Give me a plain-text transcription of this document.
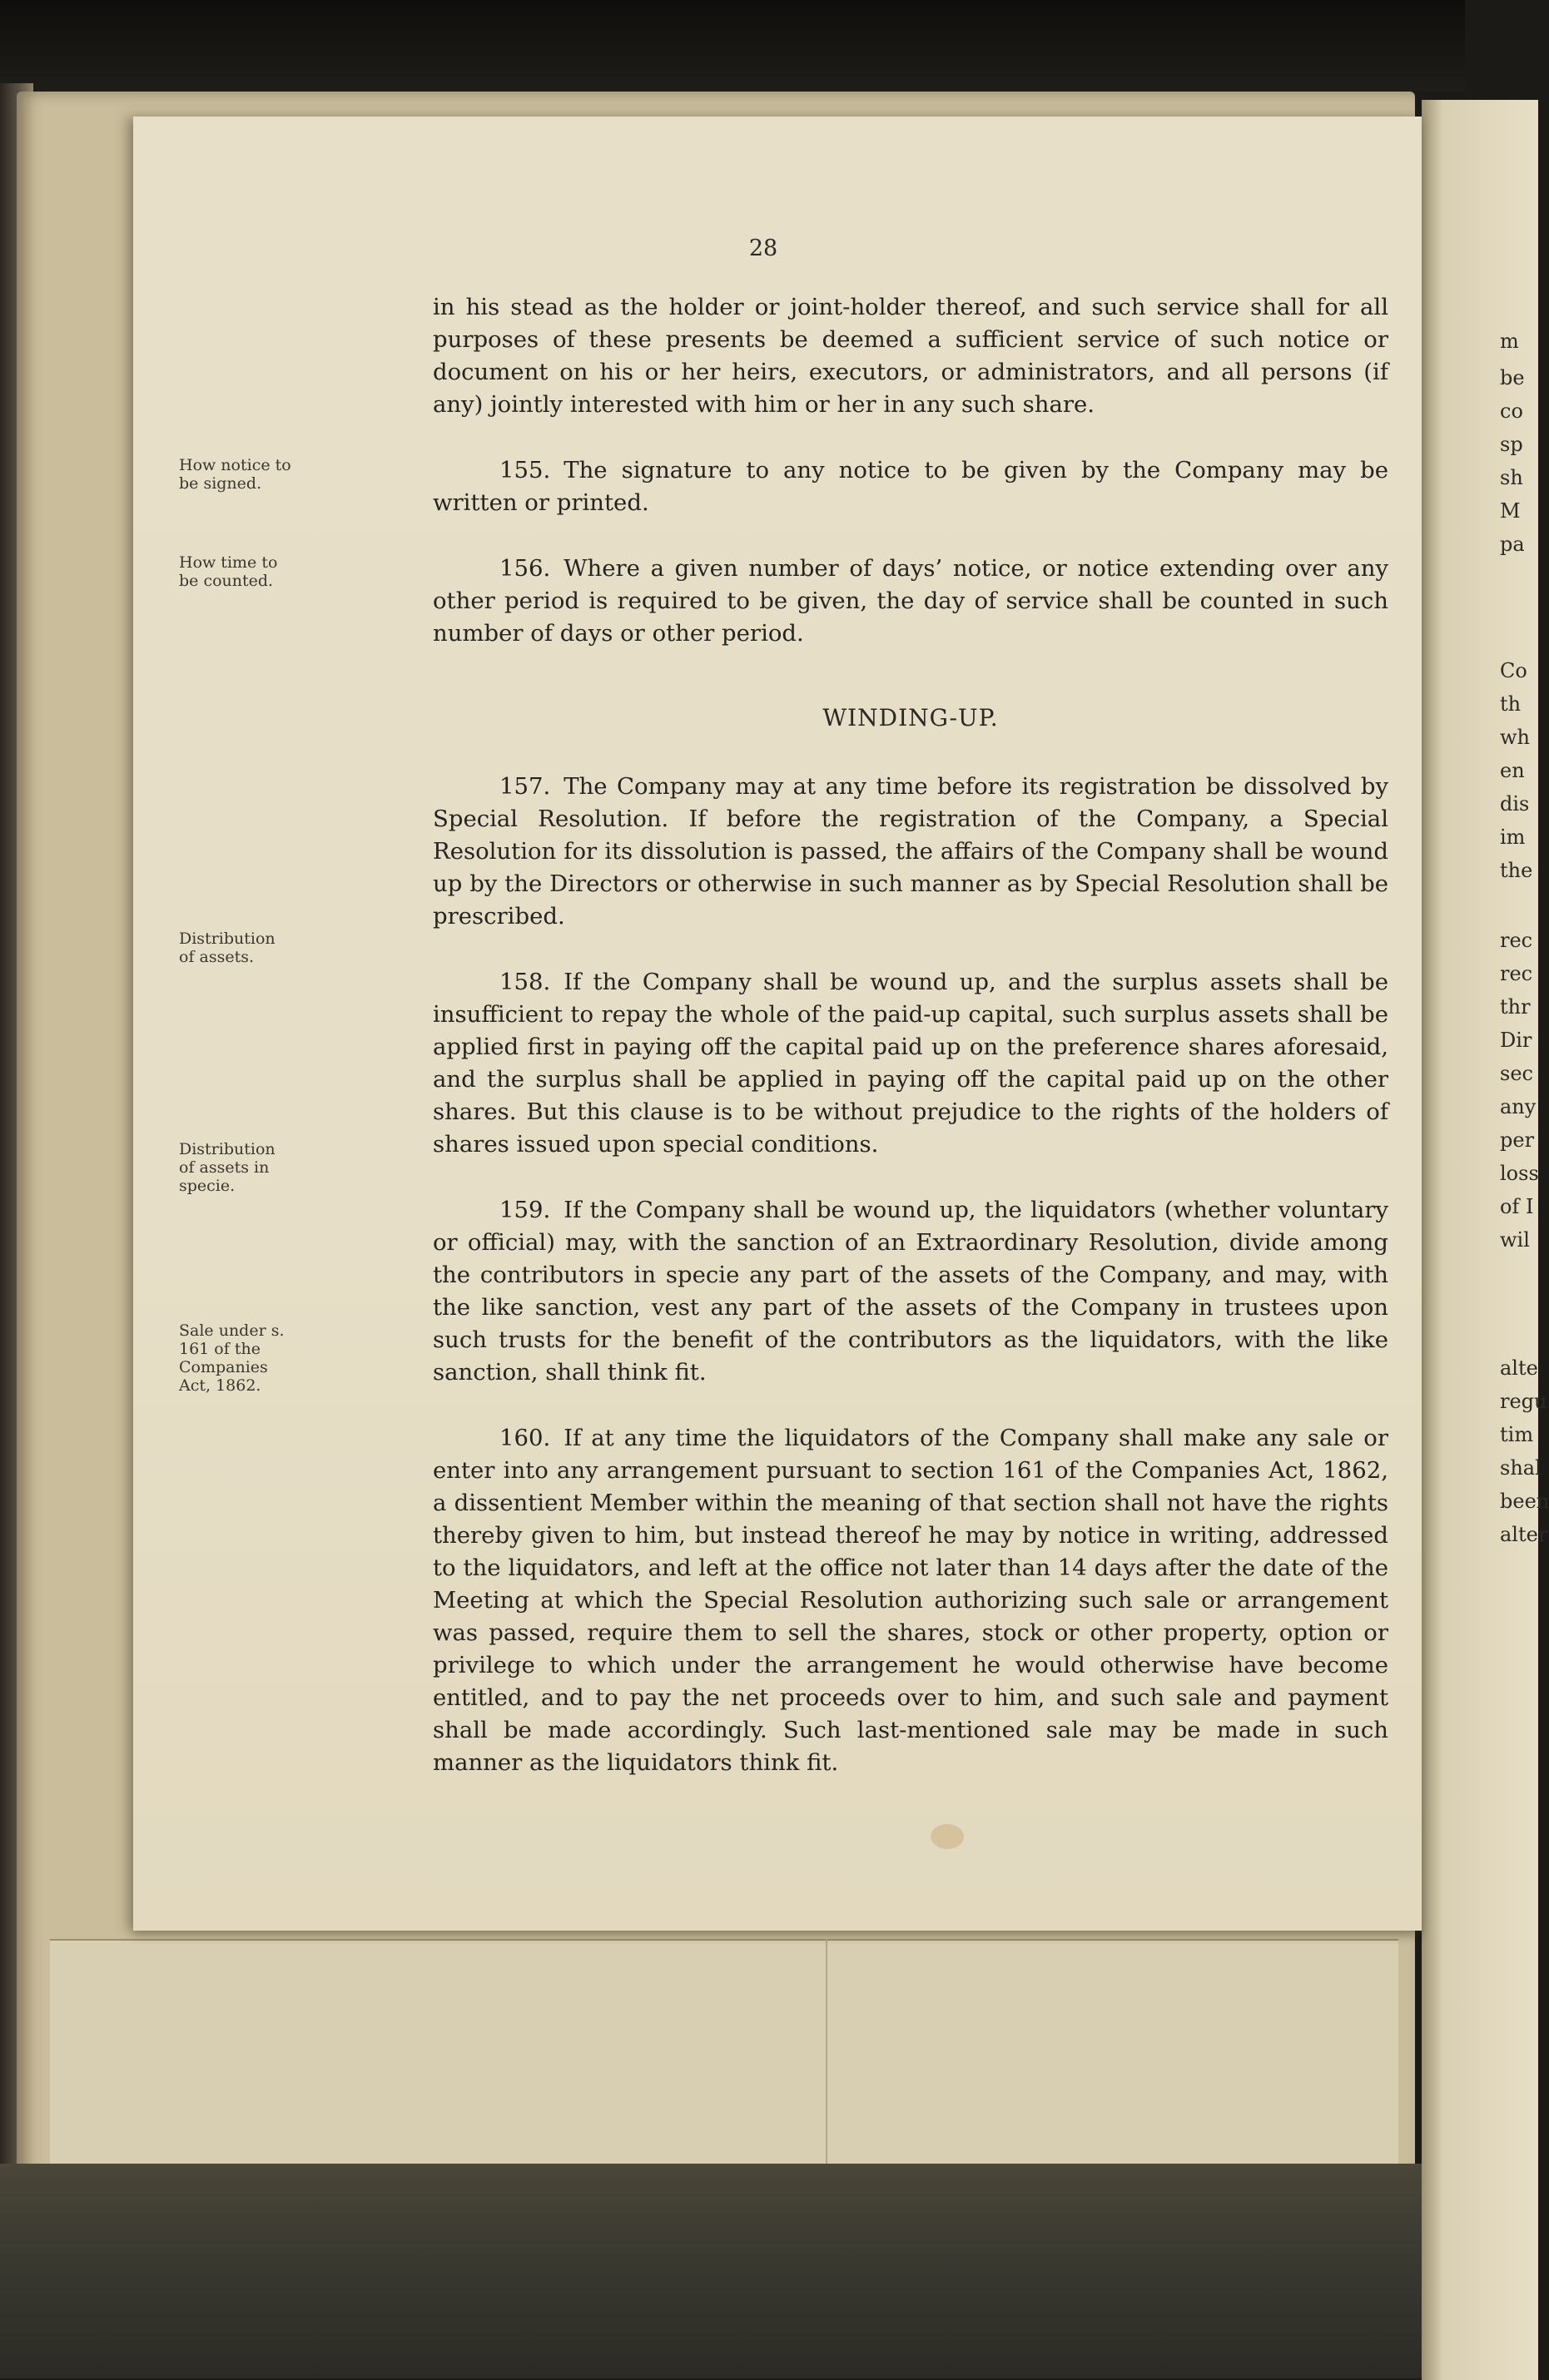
m
be
co
sp
sh
M
pa
Co
th
wh
en
dis
im
the
rec
rec
thr
Dir
sec
any
per
loss
of I
wil
alte
regu
tim
shal
been
alter
28
How notice to be signed.
How time to be counted.
Distribution of assets.
Distribution of assets in specie.
Sale under s. 161 of the Companies Act, 1862.

in his stead as the holder or joint-holder thereof, and such service shall for all purposes of these presents be deemed a sufficient service of such notice or document on his or her heirs, executors, or administrators, and all persons (if any) jointly interested with him or her in any such share.

155. The signature to any notice to be given by the Company may be written or printed.

156. Where a given number of days’ notice, or notice extending over any other period is required to be given, the day of service shall be counted in such number of days or other period.

WINDING-UP.

157. The Company may at any time before its registration be dissolved by Special Resolution. If before the registration of the Company, a Special Resolution for its dissolution is passed, the affairs of the Company shall be wound up by the Directors or otherwise in such manner as by Special Resolution shall be prescribed.

158. If the Company shall be wound up, and the surplus assets shall be insufficient to repay the whole of the paid-up capital, such surplus assets shall be applied first in paying off the capital paid up on the preference shares aforesaid, and the surplus shall be applied in paying off the capital paid up on the other shares. But this clause is to be without prejudice to the rights of the holders of shares issued upon special conditions.

159. If the Company shall be wound up, the liquidators (whether voluntary or official) may, with the sanction of an Extraordinary Resolution, divide among the contributors in specie any part of the assets of the Company, and may, with the like sanction, vest any part of the assets of the Company in trustees upon such trusts for the benefit of the contributors as the liquidators, with the like sanction, shall think fit.

160. If at any time the liquidators of the Company shall make any sale or enter into any arrangement pursuant to section 161 of the Companies Act, 1862, a dissentient Member within the meaning of that section shall not have the rights thereby given to him, but instead thereof he may by notice in writing, addressed to the liquidators, and left at the office not later than 14 days after the date of the Meeting at which the Special Resolution authorizing such sale or arrangement was passed, require them to sell the shares, stock or other property, option or privilege to which under the arrangement he would otherwise have become entitled, and to pay the net proceeds over to him, and such sale and payment shall be made accordingly. Such last-mentioned sale may be made in such manner as the liquidators think fit.
